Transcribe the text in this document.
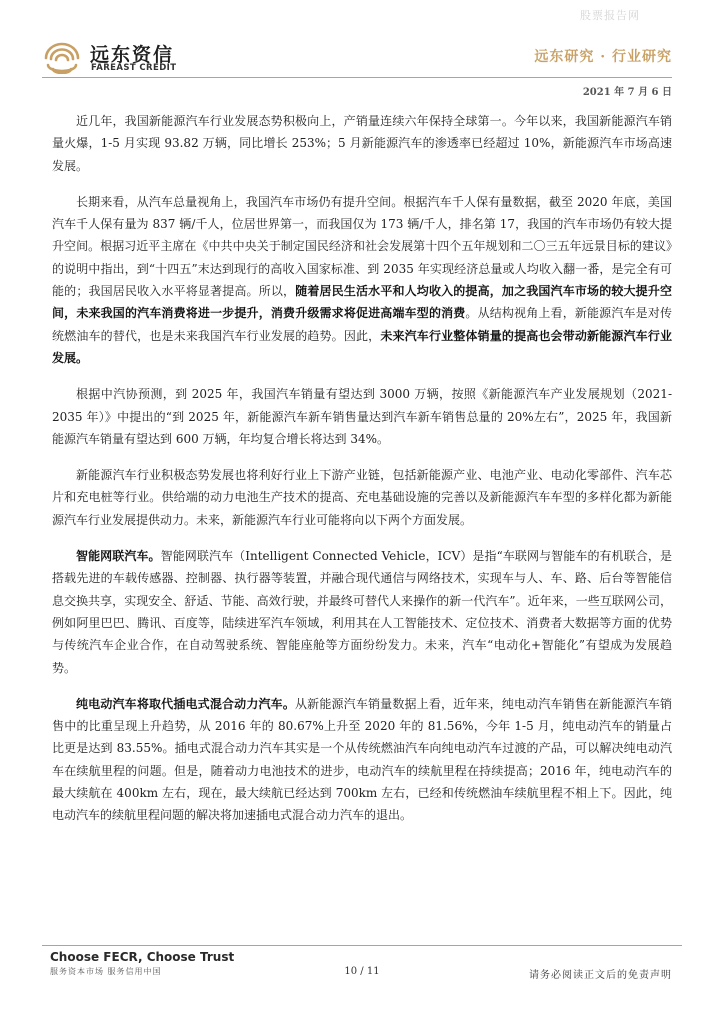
股票报告网
远东资信
FAREAST CREDIT
远东研究 · 行业研究
2021 年 7 月 6 日

近几年，我国新能源汽车行业发展态势积极向上，产销量连续六年保持全球第一。今年以来，我国新能源汽车销量火爆，1-5 月实现 93.82 万辆，同比增长 253%；5 月新能源汽车的渗透率已经超过 10%，新能源汽车市场高速发展。

长期来看，从汽车总量视角上，我国汽车市场仍有提升空间。根据汽车千人保有量数据，截至 2020 年底，美国汽车千人保有量为 837 辆/千人，位居世界第一，而我国仅为 173 辆/千人，排名第 17，我国的汽车市场仍有较大提升空间。根据习近平主席在《中共中央关于制定国民经济和社会发展第十四个五年规划和二〇三五年远景目标的建议》的说明中指出，到“十四五”末达到现行的高收入国家标准、到 2035 年实现经济总量或人均收入翻一番，是完全有可能的；我国居民收入水平将显著提高。所以，随着居民生活水平和人均收入的提高，加之我国汽车市场的较大提升空间，未来我国的汽车消费将进一步提升，消费升级需求将促进高端车型的消费。从结构视角上看，新能源汽车是对传统燃油车的替代，也是未来我国汽车行业发展的趋势。因此，未来汽车行业整体销量的提高也会带动新能源汽车行业发展。

根据中汽协预测，到 2025 年，我国汽车销量有望达到 3000 万辆，按照《新能源汽车产业发展规划（2021-2035 年）》中提出的“到 2025 年，新能源汽车新车销售量达到汽车新车销售总量的 20%左右”，2025 年，我国新能源汽车销量有望达到 600 万辆，年均复合增长将达到 34%。

新能源汽车行业积极态势发展也将利好行业上下游产业链，包括新能源产业、电池产业、电动化零部件、汽车芯片和充电桩等行业。供给端的动力电池生产技术的提高、充电基础设施的完善以及新能源汽车车型的多样化都为新能源汽车行业发展提供动力。未来，新能源汽车行业可能将向以下两个方面发展。

智能网联汽车。智能网联汽车（Intelligent Connected Vehicle，ICV）是指“车联网与智能车的有机联合，是搭载先进的车载传感器、控制器、执行器等装置，并融合现代通信与网络技术，实现车与人、车、路、后台等智能信息交换共享，实现安全、舒适、节能、高效行驶，并最终可替代人来操作的新一代汽车”。近年来，一些互联网公司，例如阿里巴巴、腾讯、百度等，陆续进军汽车领域，利用其在人工智能技术、定位技术、消费者大数据等方面的优势与传统汽车企业合作，在自动驾驶系统、智能座舱等方面纷纷发力。未来，汽车“电动化+智能化”有望成为发展趋势。

纯电动汽车将取代插电式混合动力汽车。从新能源汽车销量数据上看，近年来，纯电动汽车销售在新能源汽车销售中的比重呈现上升趋势，从 2016 年的 80.67%上升至 2020 年的 81.56%，今年 1-5 月，纯电动汽车的销量占比更是达到 83.55%。插电式混合动力汽车其实是一个从传统燃油汽车向纯电动汽车过渡的产品，可以解决纯电动汽车在续航里程的问题。但是，随着动力电池技术的进步，电动汽车的续航里程在持续提高；2016 年，纯电动汽车的最大续航在 400km 左右，现在，最大续航已经达到 700km 左右，已经和传统燃油车续航里程不相上下。因此，纯电动汽车的续航里程问题的解决将加速插电式混合动力汽车的退出。

Choose FECR, Choose Trust
服务资本市场 服务信用中国	10 / 11	请务必阅读正文后的免责声明
